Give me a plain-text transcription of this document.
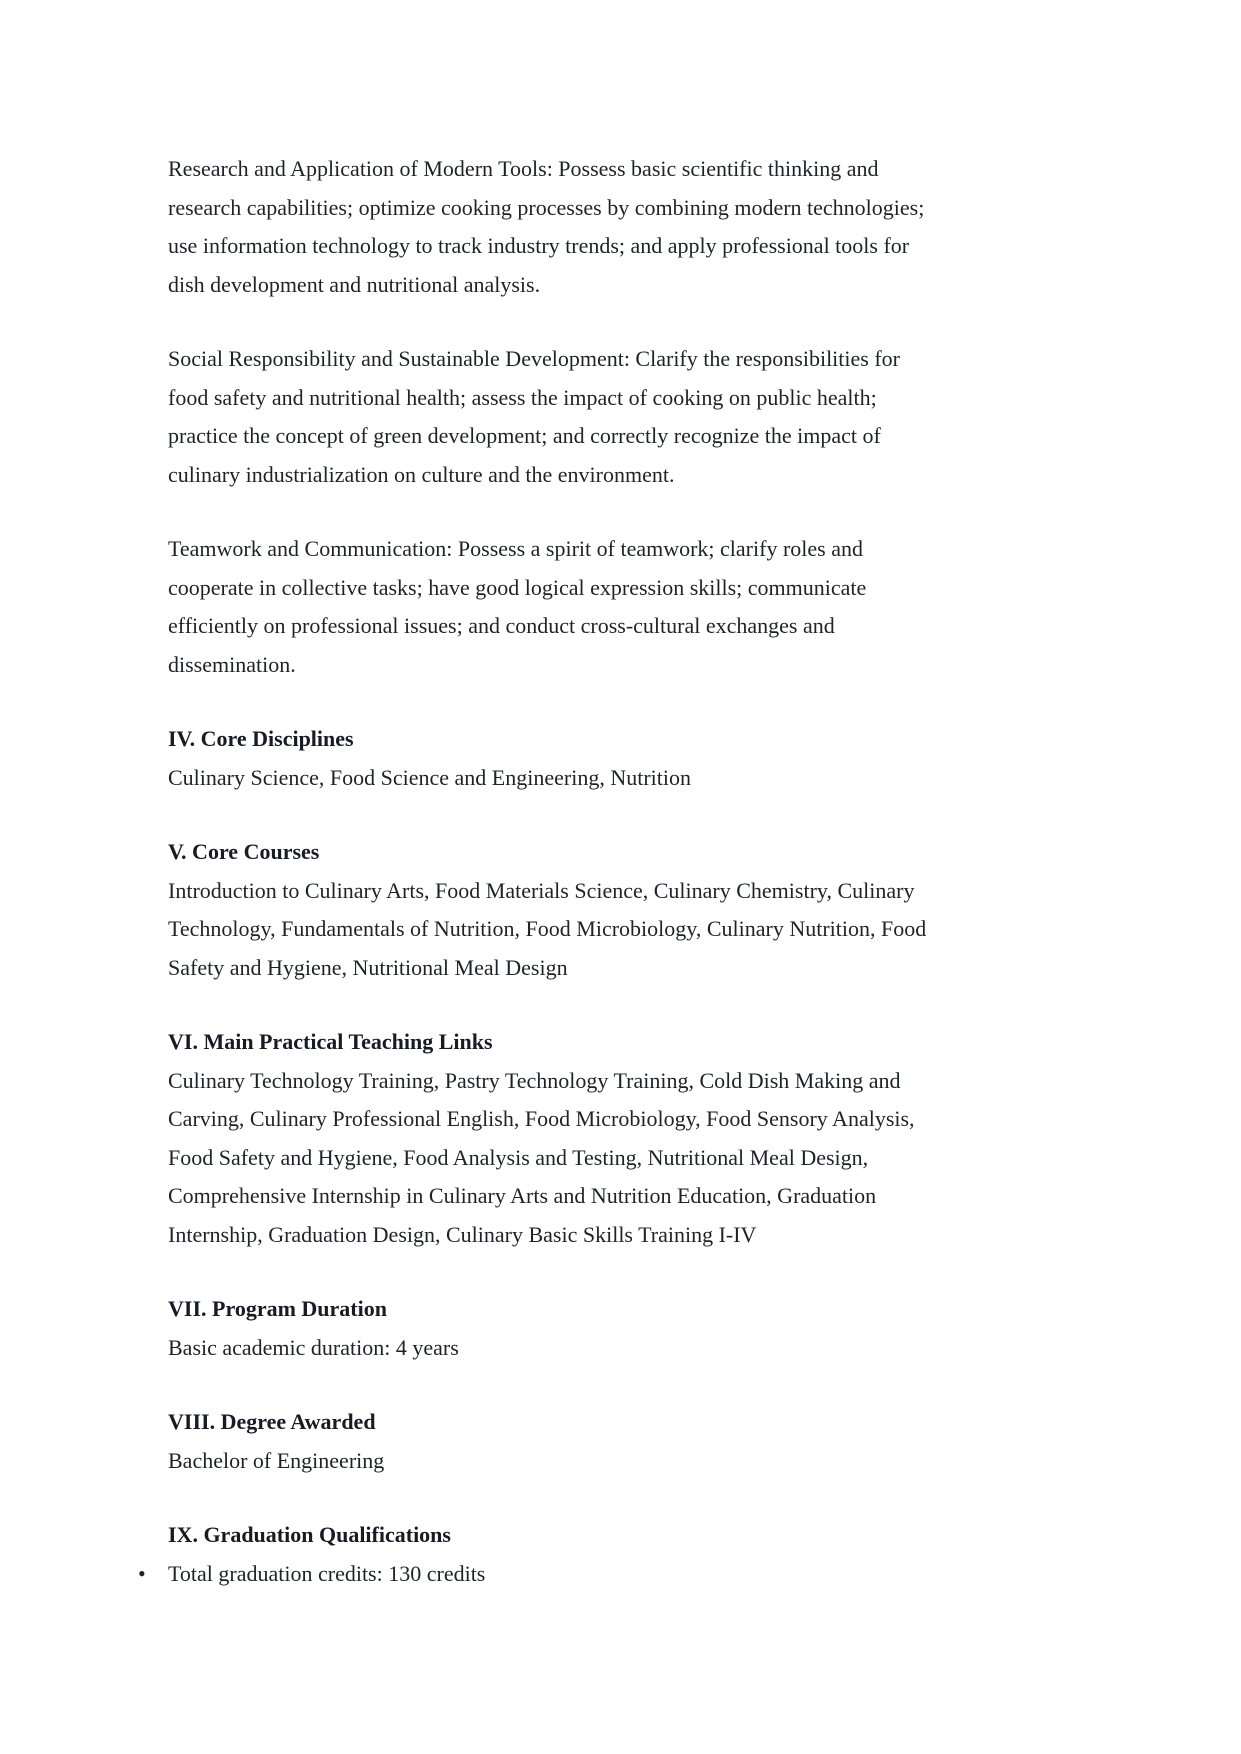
Research and Application of Modern Tools: Possess basic scientific thinking and research capabilities; optimize cooking processes by combining modern technologies; use information technology to track industry trends; and apply professional tools for dish development and nutritional analysis.

Social Responsibility and Sustainable Development: Clarify the responsibilities for food safety and nutritional health; assess the impact of cooking on public health; practice the concept of green development; and correctly recognize the impact of culinary industrialization on culture and the environment.

Teamwork and Communication: Possess a spirit of teamwork; clarify roles and cooperate in collective tasks; have good logical expression skills; communicate efficiently on professional issues; and conduct cross-cultural exchanges and dissemination.

IV. Core Disciplines
Culinary Science, Food Science and Engineering, Nutrition
V. Core Courses
Introduction to Culinary Arts, Food Materials Science, Culinary Chemistry, Culinary Technology, Fundamentals of Nutrition, Food Microbiology, Culinary Nutrition, Food Safety and Hygiene, Nutritional Meal Design
VI. Main Practical Teaching Links
Culinary Technology Training, Pastry Technology Training, Cold Dish Making and Carving, Culinary Professional English, Food Microbiology, Food Sensory Analysis, Food Safety and Hygiene, Food Analysis and Testing, Nutritional Meal Design, Comprehensive Internship in Culinary Arts and Nutrition Education, Graduation Internship, Graduation Design, Culinary Basic Skills Training I-IV
VII. Program Duration
Basic academic duration: 4 years
VIII. Degree Awarded
Bachelor of Engineering
IX. Graduation Qualifications
• Total graduation credits: 130 credits
